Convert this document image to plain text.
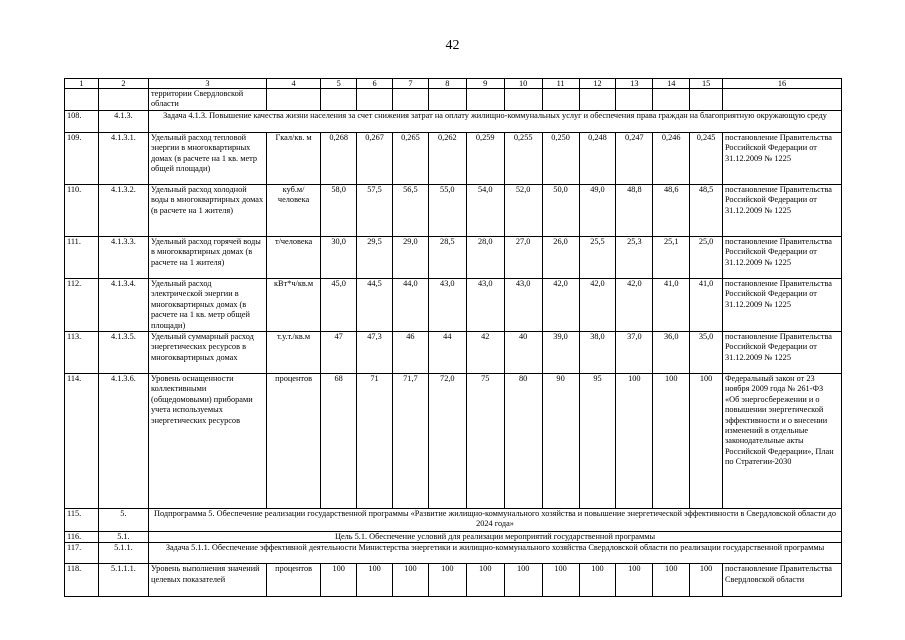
42
1	2	3	4	5	6	7	8	9	10	11	12	13	14	15	16
		территории Свердловской области													
108.	4.1.3.	Задача 4.1.3. Повышение качества жизни населения за счет снижения затрат на оплату жилищно-коммунальных услуг и обеспечения права граждан на благоприятную окружающую среду													
109.	4.1.3.1.	Удельный расход тепловой энергии в многоквартирных домах (в расчете на 1 кв. метр общей площади)	Гкал/кв. м	0,268	0,267	0,265	0,262	0,259	0,255	0,250	0,248	0,247	0,246	0,245	постановление Правительства Российской Федерации от 31.12.2009 № 1225
110.	4.1.3.2.	Удельный расход холодной воды в многоквартирных домах (в расчете на 1 жителя)	куб.м/ человека	58,0	57,5	56,5	55,0	54,0	52,0	50,0	49,0	48,8	48,6	48,5	постановление Правительства Российской Федерации от 31.12.2009 № 1225
111.	4.1.3.3.	Удельный расход горячей воды в многоквартирных домах (в расчете на 1 жителя)	т/человека	30,0	29,5	29,0	28,5	28,0	27,0	26,0	25,5	25,3	25,1	25,0	постановление Правительства Российской Федерации от 31.12.2009 № 1225
112.	4.1.3.4.	Удельный расход электрической энергии в многоквартирных домах (в расчете на 1 кв. метр общей площади)	кВт*ч/кв.м	45,0	44,5	44,0	43,0	43,0	43,0	42,0	42,0	42,0	41,0	41,0	постановление Правительства Российской Федерации от 31.12.2009 № 1225
113.	4.1.3.5.	Удельный суммарный расход энергетических ресурсов в многоквартирных домах	т.у.т./кв.м	47	47,3	46	44	42	40	39,0	38,0	37,0	36,0	35,0	постановление Правительства Российской Федерации от 31.12.2009 № 1225
114.	4.1.3.6.	Уровень оснащенности коллективными (общедомовыми) приборами учета используемых энергетических ресурсов	процентов	68	71	71,7	72,0	75	80	90	95	100	100	100	Федеральный закон от 23 ноября 2009 года № 261-ФЗ «Об энергосбережении и о повышении энергетической эффективности и о внесении изменений в отдельные законодательные акты Российской Федерации», План по Стратегии-2030
115.	5.	Подпрограмма 5. Обеспечение реализации государственной программы «Развитие жилищно-коммунального хозяйства и повышение энергетической эффективности в Свердловской области до 2024 года»													
116.	5.1.	Цель 5.1. Обеспечение условий для реализации мероприятий государственной программы													
117.	5.1.1.	Задача 5.1.1. Обеспечение эффективной деятельности Министерства энергетики и жилищно-коммунального хозяйства Свердловской области по реализации государственной программы													
118.	5.1.1.1.	Уровень выполнения значений целевых показателей	процентов	100	100	100	100	100	100	100	100	100	100	100	постановление Правительства Свердловской области
